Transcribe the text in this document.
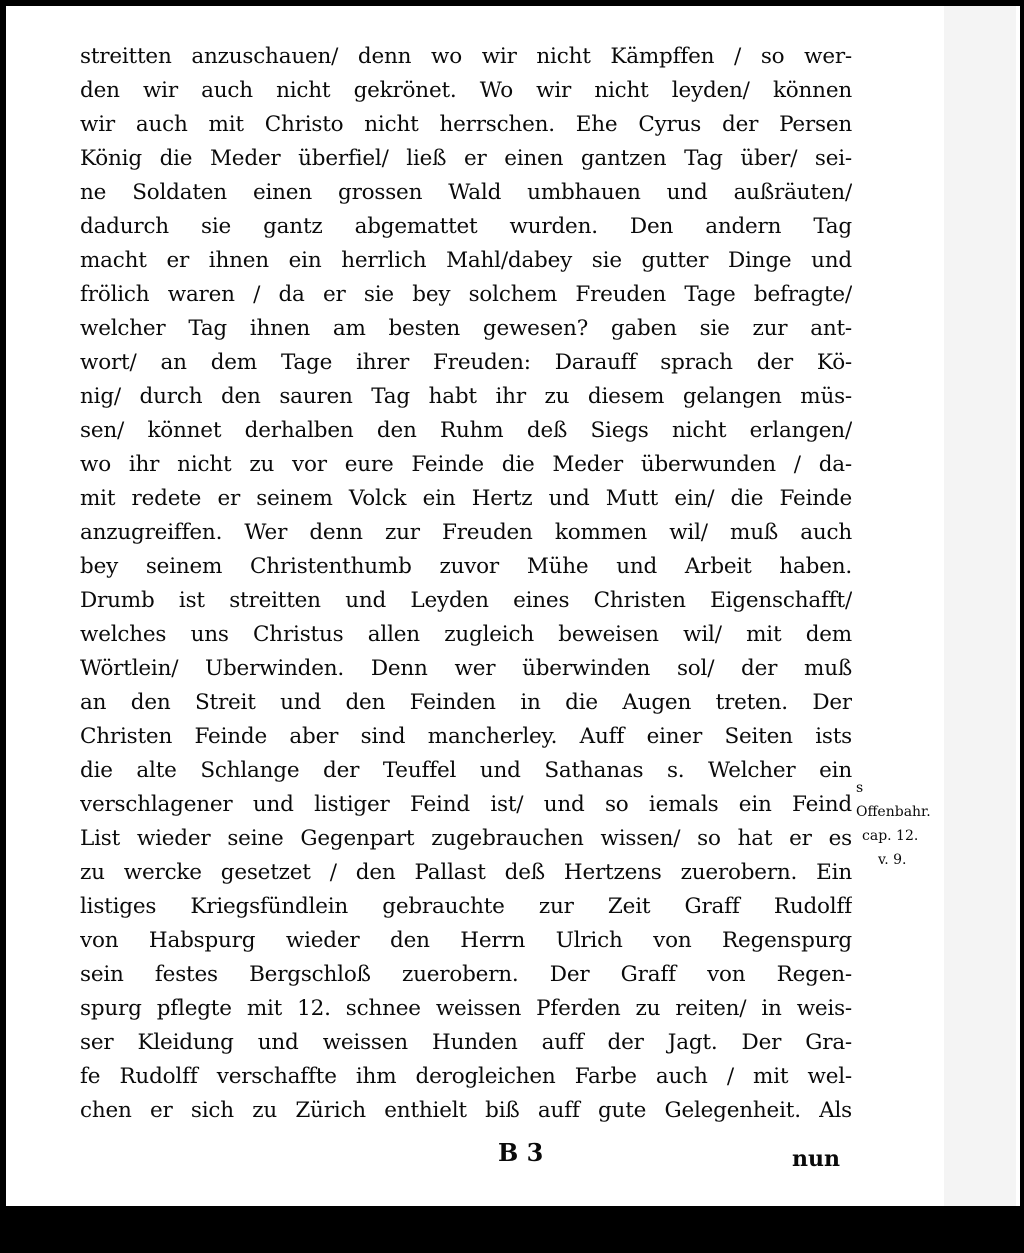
streitten anzuschauen/ denn wo wir nicht Kämpffen / so wer-
den wir auch nicht gekrönet. Wo wir nicht leyden/ können
wir auch mit Christo nicht herrschen. Ehe Cyrus der Persen
König die Meder überfiel/ ließ er einen gantzen Tag über/ sei-
ne Soldaten einen grossen Wald umbhauen und außräuten/
dadurch sie gantz abgemattet wurden. Den andern Tag
macht er ihnen ein herrlich Mahl/dabey sie gutter Dinge und
frölich waren / da er sie bey solchem Freuden Tage befragte/
welcher Tag ihnen am besten gewesen? gaben sie zur ant-
wort/ an dem Tage ihrer Freuden: Darauff sprach der Kö-
nig/ durch den sauren Tag habt ihr zu diesem gelangen müs-
sen/ könnet derhalben den Ruhm deß Siegs nicht erlangen/
wo ihr nicht zu vor eure Feinde die Meder überwunden / da-
mit redete er seinem Volck ein Hertz und Mutt ein/ die Feinde
anzugreiffen. Wer denn zur Freuden kommen wil/ muß auch
bey seinem Christenthumb zuvor Mühe und Arbeit haben.
Drumb ist streitten und Leyden eines Christen Eigenschafft/
welches uns Christus allen zugleich beweisen wil/ mit dem
Wörtlein/ Uberwinden. Denn wer überwinden sol/ der muß
an den Streit und den Feinden in die Augen treten. Der
Christen Feinde aber sind mancherley. Auff einer Seiten ists
die alte Schlange der Teuffel und Sathanas s. Welcher ein
verschlagener und listiger Feind ist/ und so iemals ein Feind
List wieder seine Gegenpart zugebrauchen wissen/ so hat er es
zu wercke gesetzet / den Pallast deß Hertzens zuerobern. Ein
listiges Kriegsfündlein gebrauchte zur Zeit Graff Rudolff
von Habspurg wieder den Herrn Ulrich von Regenspurg
sein festes Bergschloß zuerobern. Der Graff von Regen-
spurg pflegte mit 12. schnee weissen Pferden zu reiten/ in weis-
ser Kleidung und weissen Hunden auff der Jagt. Der Gra-
fe Rudolff verschaffte ihm derogleichen Farbe auch / mit wel-
chen er sich zu Zürich enthielt biß auff gute Gelegenheit. Als
s
Offenbahr.
cap. 12.
v. 9.
B 3	nun
